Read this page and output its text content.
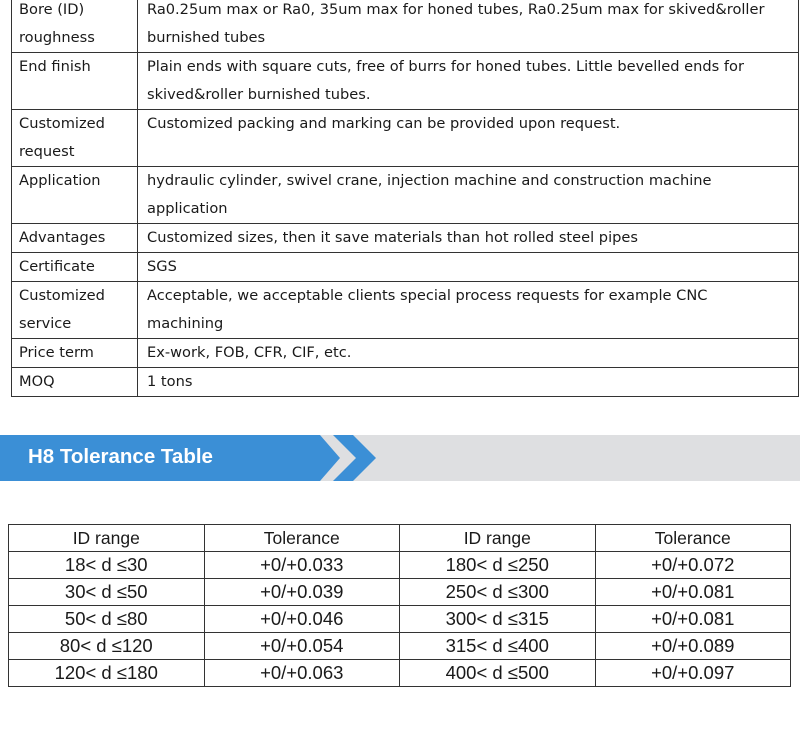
Bore (ID)
roughness	Ra0.25um max or Ra0, 35um max for honed tubes, Ra0.25um max for skived&roller
burnished tubes
End finish	Plain ends with square cuts, free of burrs for honed tubes. Little bevelled ends for
skived&roller burnished tubes.
Customized
request	Customized packing and marking can be provided upon request.
Application	hydraulic cylinder, swivel crane, injection machine and construction machine
application
Advantages	Customized sizes, then it save materials than hot rolled steel pipes
Certificate	SGS
Customized
service	Acceptable, we acceptable clients special process requests for example CNC
machining
Price term	Ex-work, FOB, CFR, CIF, etc.
MOQ	1 tons
H8 Tolerance Table
ID range	Tolerance	ID range	Tolerance
18< d ≤30	+0/+0.033	180< d ≤250	+0/+0.072
30< d ≤50	+0/+0.039	250< d ≤300	+0/+0.081
50< d ≤80	+0/+0.046	300< d ≤315	+0/+0.081
80< d ≤120	+0/+0.054	315< d ≤400	+0/+0.089
120< d ≤180	+0/+0.063	400< d ≤500	+0/+0.097
